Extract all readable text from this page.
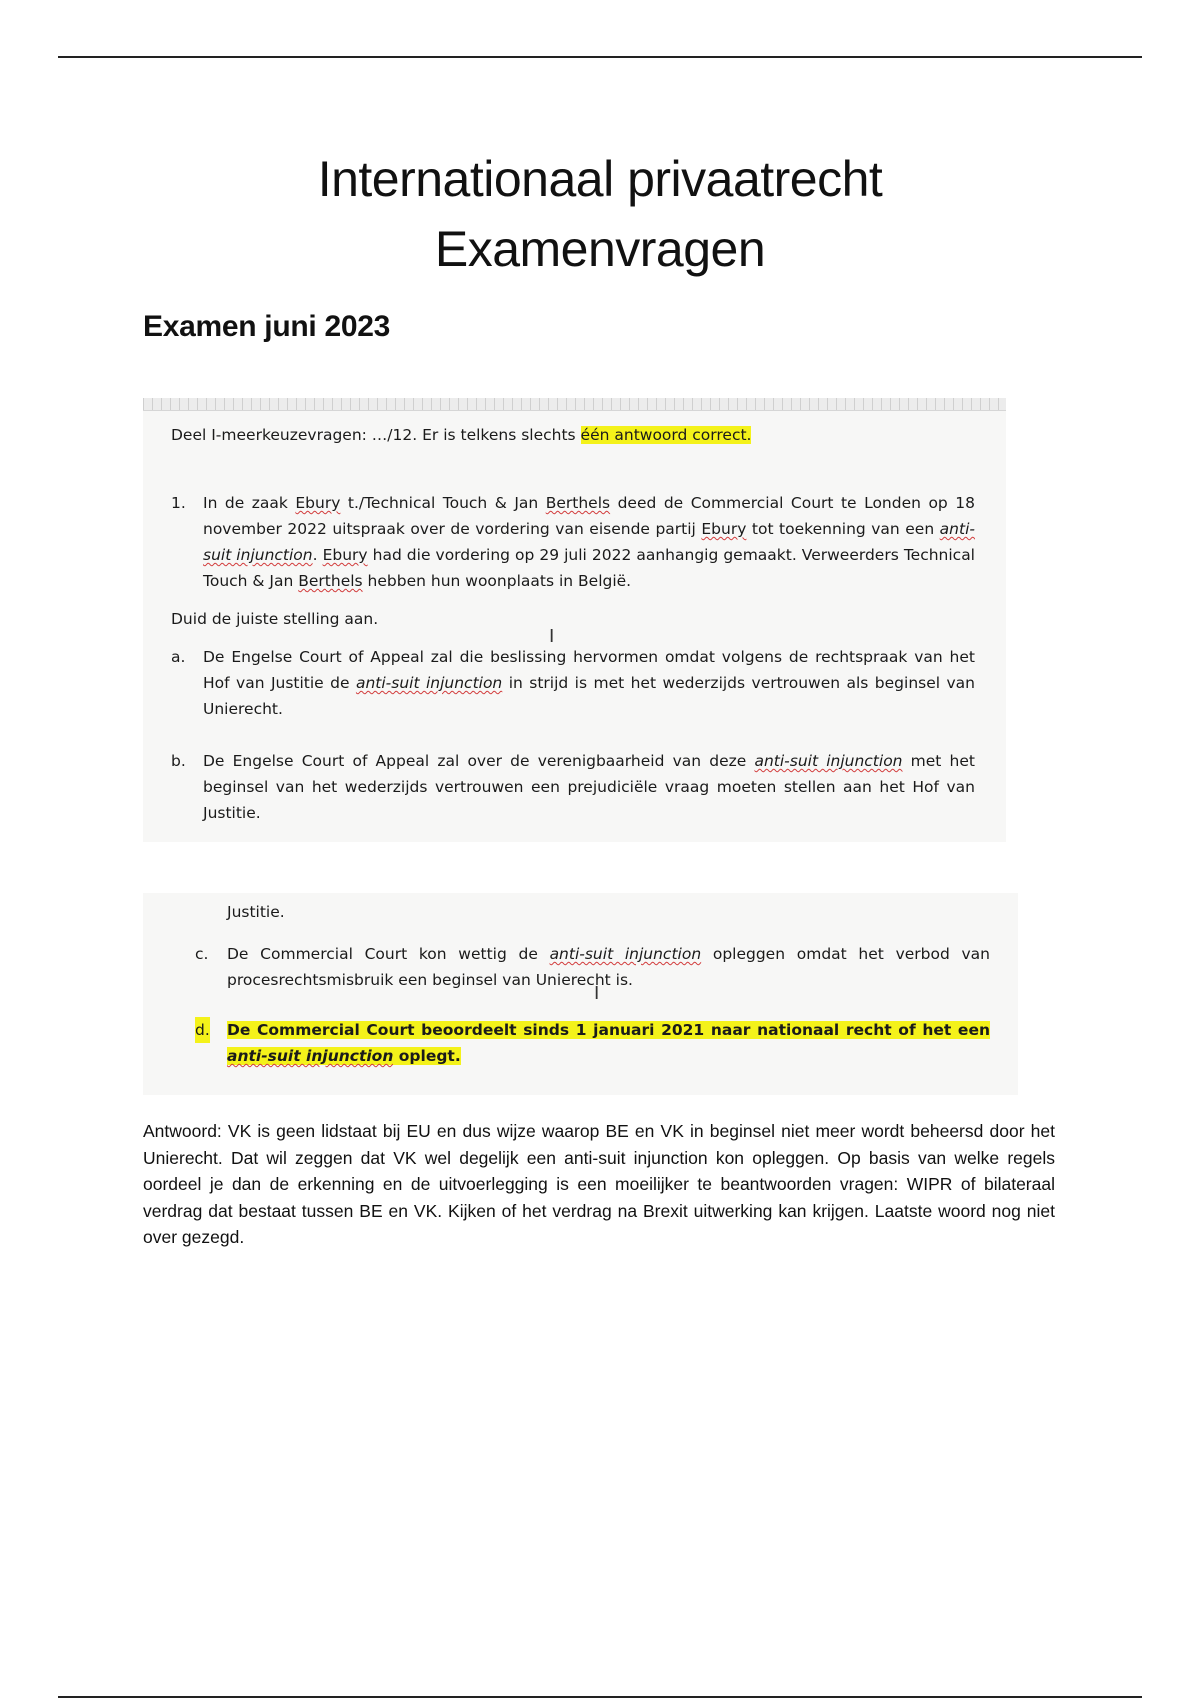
Internationaal privaatrecht
Examenvragen
Examen juni 2023
Deel I-meerkeuzevragen: …/12. Er is telkens slechts één antwoord correct.
1. In de zaak Ebury t./Technical Touch & Jan Berthels deed de Commercial Court te Londen op 18 november 2022 uitspraak over de vordering van eisende partij Ebury tot toekenning van een anti-suit injunction. Ebury had die vordering op 29 juli 2022 aanhangig gemaakt. Verweerders Technical Touch & Jan Berthels hebben hun woonplaats in België.
Duid de juiste stelling aan.
I
a. De Engelse Court of Appeal zal die beslissing hervormen omdat volgens de rechtspraak van het Hof van Justitie de anti-suit injunction in strijd is met het wederzijds vertrouwen als beginsel van Unierecht.
b. De Engelse Court of Appeal zal over de verenigbaarheid van deze anti-suit injunction met het beginsel van het wederzijds vertrouwen een prejudiciële vraag moeten stellen aan het Hof van Justitie.
Justitie.
c. De Commercial Court kon wettig de anti-suit injunction opleggen omdat het verbod van procesrechtsmisbruik een beginsel van Unierecht is.
I
d. De Commercial Court beoordeelt sinds 1 januari 2021 naar nationaal recht of het een anti-suit injunction oplegt.
Antwoord: VK is geen lidstaat bij EU en dus wijze waarop BE en VK in beginsel niet meer wordt beheersd door het Unierecht. Dat wil zeggen dat VK wel degelijk een anti-suit injunction kon opleggen. Op basis van welke regels oordeel je dan de erkenning en de uitvoerlegging is een moeilijker te beantwoorden vragen: WIPR of bilateraal verdrag dat bestaat tussen BE en VK. Kijken of het verdrag na Brexit uitwerking kan krijgen. Laatste woord nog niet over gezegd.
